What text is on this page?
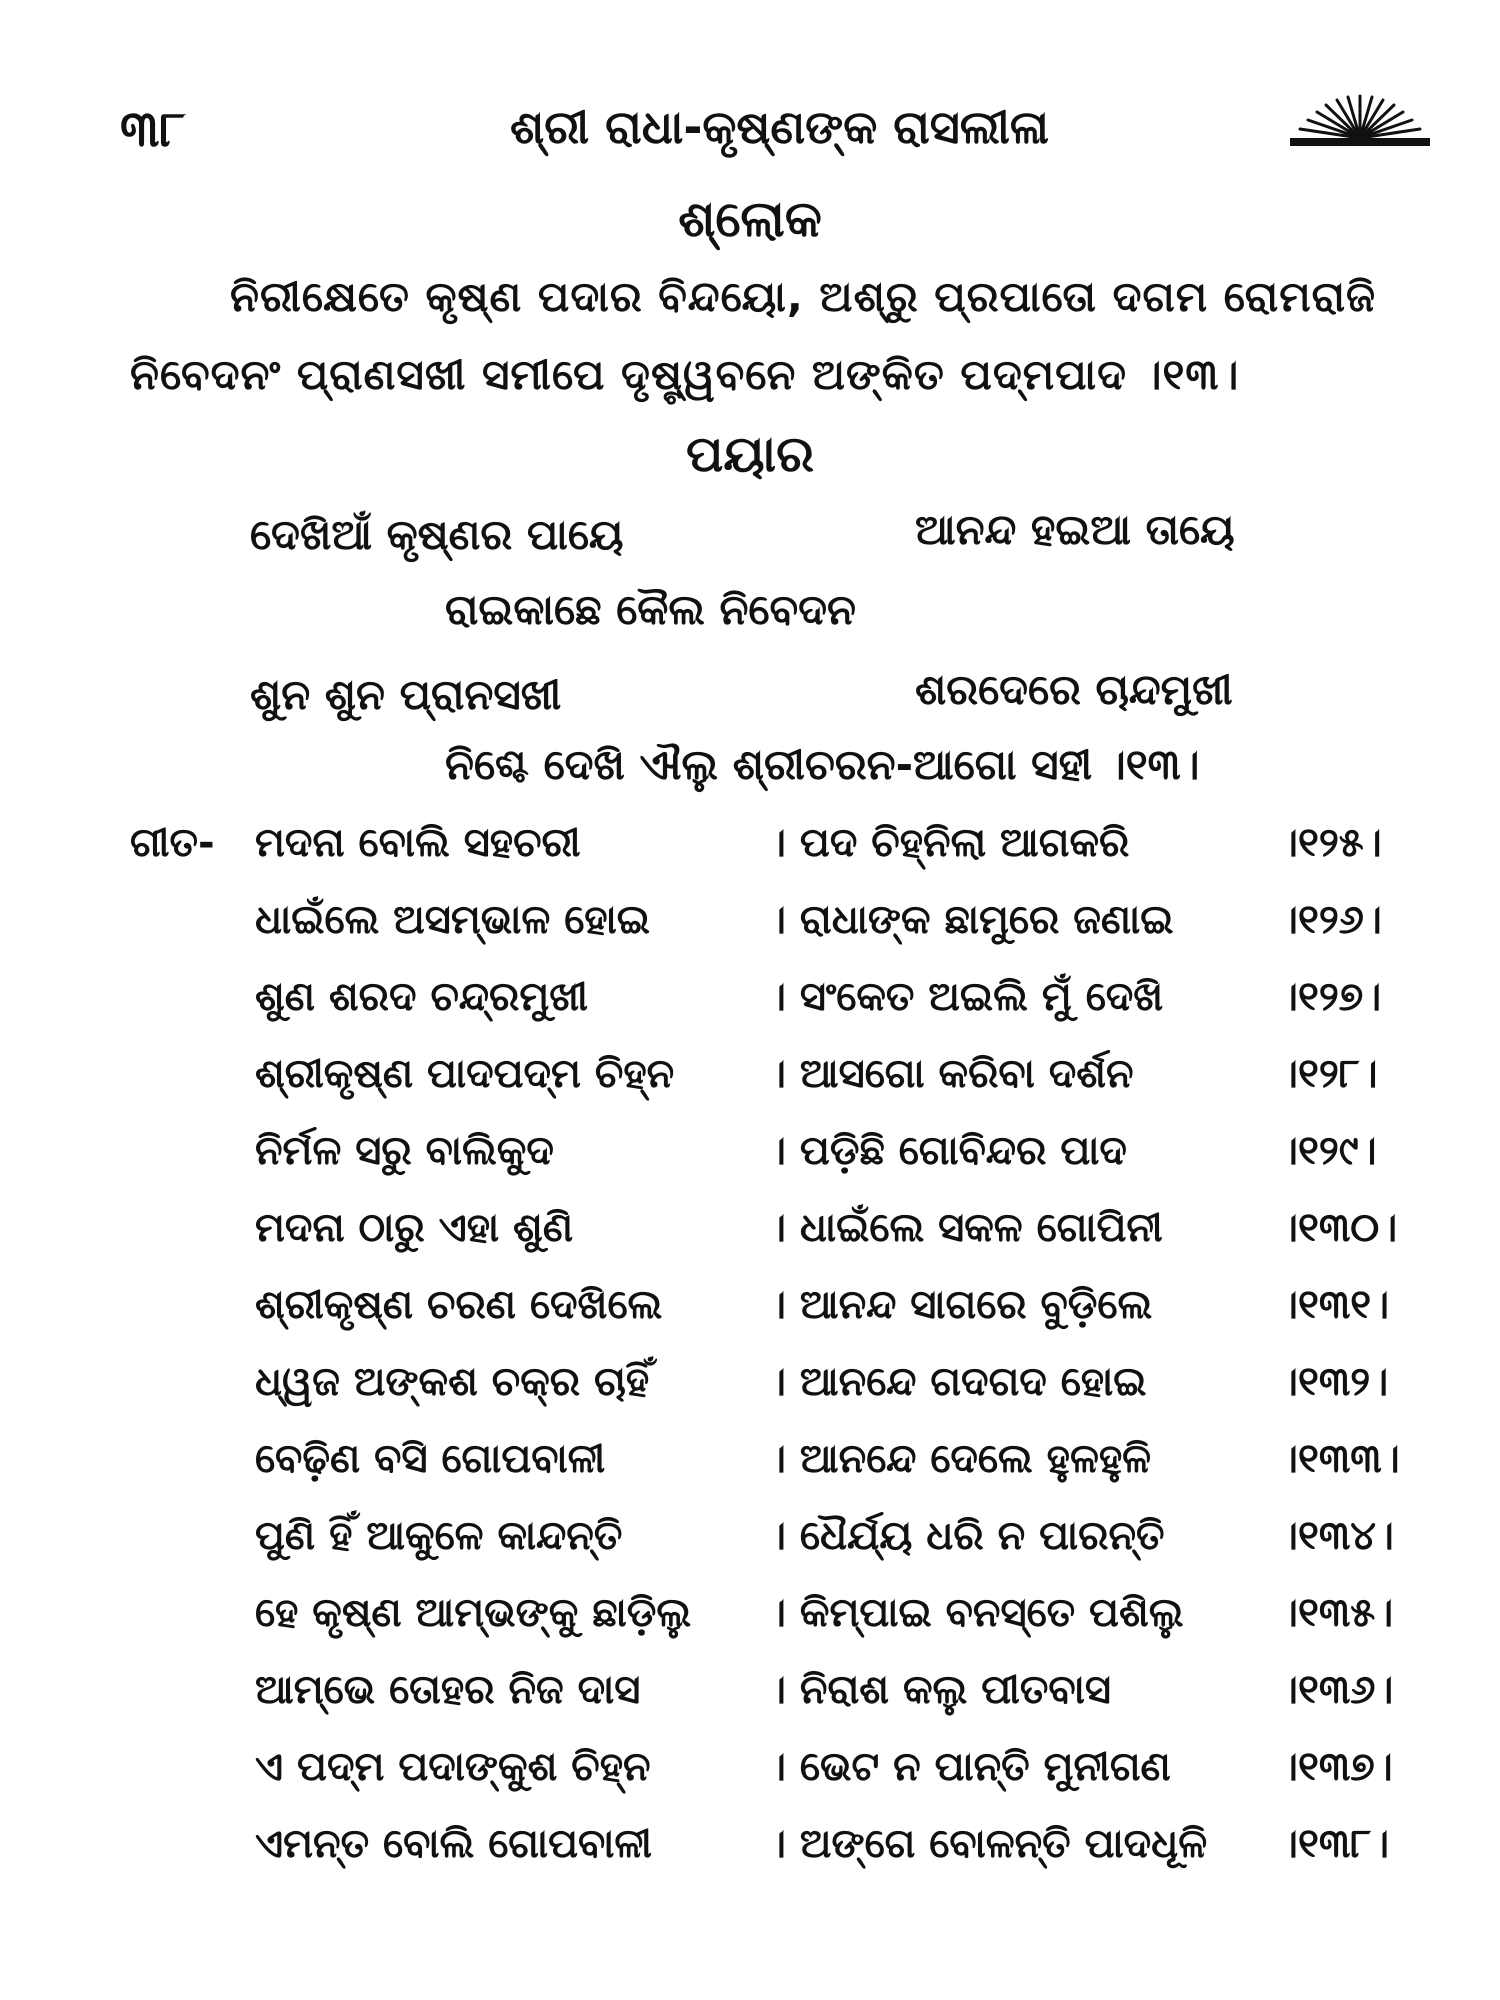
୩୮	ଶ୍ରୀ ରାଧା-କୃଷ୍ଣଙ୍କ ରାସଲୀଳା
ଶ୍ଲୋକ
ନିରୀକ୍ଷେତେ କୃଷ୍ଣ ପଦାର ବିନ୍ଦୟୋ, ଅଶ୍ରୁ ପ୍ରପାତୋ ଦଗମ ରୋମରାଜି
ନିବେଦନଂ ପ୍ରାଣସଖୀ ସମୀପେ ଦୃଷ୍ଟ୍ୱବନେ ଅଙ୍କିତ ପଦ୍ମପାଦ ।୧୩।
ପୟାର
ଦେଖିଆଁ କୃଷ୍ଣର ପାୟେ	ଆନନ୍ଦ ହଇଆ ତାୟେ
ରାଇକାଛେ କୈଲ ନିବେଦନ
ଶୁନ ଶୁନ ପ୍ରାନସଖୀ	ଶରଦେରେ ଚାନ୍ଦମୁଖୀ
ନିଶ୍ଚେ ଦେଖି ଐଲୁ ଶ୍ରୀଚରନ-ଆଗୋ ସହୀ ।୧୩।
ଗୀତ- ମଦନା ବୋଲି ସହଚରୀ	। ପଦ ଚିହ୍ନିଲା ଆଗକରି	।୧୨୫।
ଧାଇଁଲେ ଅସମ୍ଭାଳ ହୋଇ	। ରାଧାଙ୍କ ଛାମୁରେ ଜଣାଇ	।୧୨୬।
ଶୁଣ ଶରଦ ଚନ୍ଦ୍ରମୁଖୀ	। ସଂକେତ ଅଇଲି ମୁଁ ଦେଖି	।୧୨୭।
ଶ୍ରୀକୃଷ୍ଣ ପାଦପଦ୍ମ ଚିହ୍ନ । ଆସଗୋ କରିବା ଦର୍ଶନ	।୧୨୮।
ନିର୍ମଳ ସରୁ ବାଲିକୁଦ	। ପଡ଼ିଛି ଗୋବିନ୍ଦର ପାଦ	।୧୨୯।
ମଦନା ଠାରୁ ଏହା ଶୁଣି	। ଧାଇଁଲେ ସକଳ ଗୋପିନୀ	।୧୩୦।
ଶ୍ରୀକୃଷ୍ଣ ଚରଣ ଦେଖିଲେ	। ଆନନ୍ଦ ସାଗରେ ବୁଡ଼ିଲେ	।୧୩୧।
ଧ୍ୱଜ ଅଙ୍କଶ ଚକ୍ର ଚାହିଁ	। ଆନନ୍ଦେ ଗଦଗଦ ହୋଇ	।୧୩୨।
ବେଢ଼ିଣ ବସି ଗୋପବାଳୀ	। ଆନନ୍ଦେ ଦେଲେ ହୁଳହୁଳି	।୧୩୩।
ପୁଣି ହିଁ ଆକୁଳେ କାନ୍ଦନ୍ତି	। ଧୈର୍ଯ୍ୟ ଧରି ନ ପାରନ୍ତି	।୧୩୪।
ହେ କୃଷ୍ଣ ଆମ୍ଭଙ୍କୁ ଛାଡ଼ିଲୁ । କିମ୍ପାଇ ବନସ୍ତେ ପଶିଲୁ ।୧୩୫।
ଆମ୍ଭେ ତୋହର ନିଜ ଦାସ	। ନିରାଶ କଲୁ ପୀତବାସ	।୧୩୬।
ଏ ପଦ୍ମ ପଦାଙ୍କୁଶ ଚିହ୍ନ	। ଭେଟ ନ ପାନ୍ତି ମୁନୀଗଣ	।୧୩୭।
ଏମନ୍ତ ବୋଲି ଗୋପବାଳୀ	। ଅଙ୍ଗେ ବୋଳନ୍ତି ପାଦଧୂଳି ।୧୩୮।
